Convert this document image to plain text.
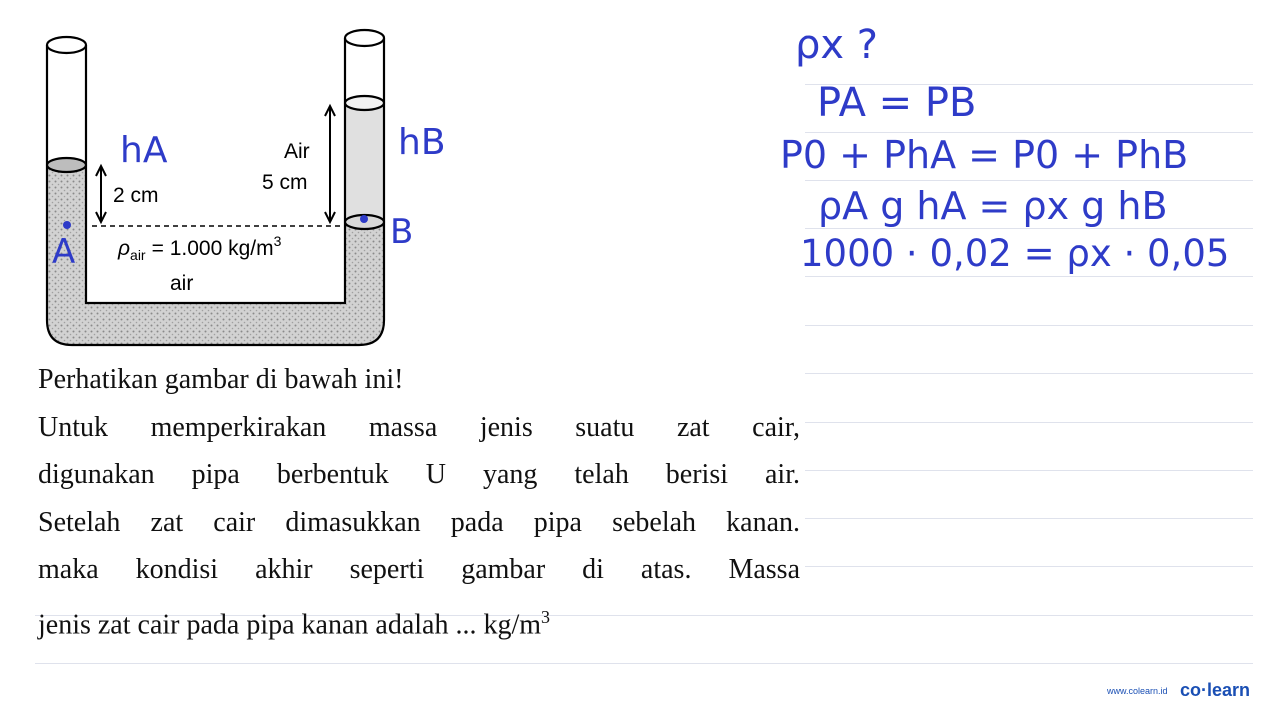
2 cm
Air
5 cm
$\rho_{air} = 1.000$ $kg/m^3$
air
hA	hB
A	B
ρx ?
PA = PB
P0 + PhA = P0 + PhB
ρA g hA = ρx g hB
1000 · 0,02 = ρx · 0,05
Perhatikan gambar di bawah ini!
Untuk memperkirakan massa jenis suatu zat cair,
digunakan pipa berbentuk U yang telah berisi air.
Setelah zat cair dimasukkan pada pipa sebelah kanan.
maka kondisi akhir seperti gambar di atas. Massa
jenis zat cair pada pipa kanan adalah ... $kg/m^3$
www.colearn.id co·learn
